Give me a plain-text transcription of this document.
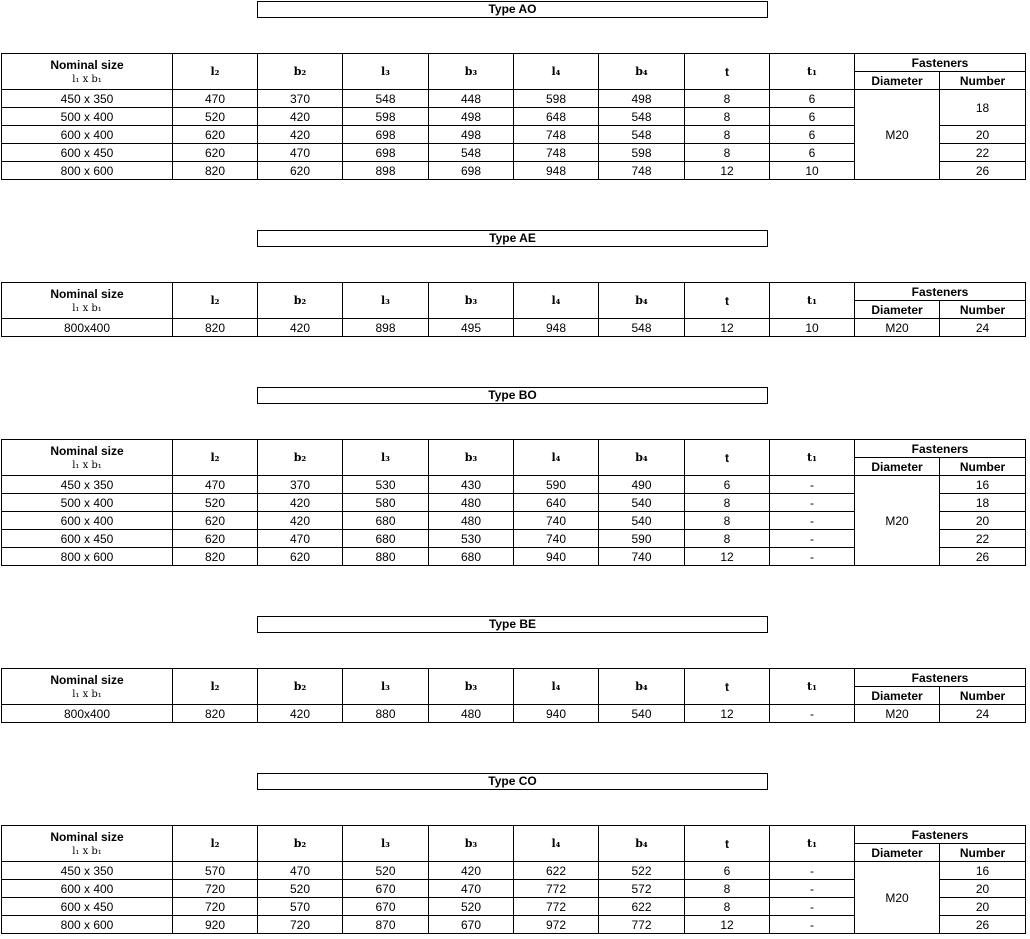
Type AO
Nominal size
l₁ x b₁	l₂	b₂	l₃	b₃	l₄	b₄	t	t₁	Fasteners	
									Diameter	Number
450 x 350	470	370	548	448	598	498	8	6	M20	18
500 x 400	520	420	598	498	648	548	8	6		
600 x 400	620	420	698	498	748	548	8	6		20
600 x 450	620	470	698	548	748	598	8	6		22
800 x 600	820	620	898	698	948	748	12	10		26
Type AE
Nominal size
l₁ x b₁	l₂	b₂	l₃	b₃	l₄	b₄	t	t₁	Fasteners	
									Diameter	Number
800x400	820	420	898	495	948	548	12	10	M20	24
Type BO
Nominal size
l₁ x b₁	l₂	b₂	l₃	b₃	l₄	b₄	t	t₁	Fasteners	
									Diameter	Number
450 x 350	470	370	530	430	590	490	6	-	M20	16
500 x 400	520	420	580	480	640	540	8	-		18
600 x 400	620	420	680	480	740	540	8	-		20
600 x 450	620	470	680	530	740	590	8	-		22
800 x 600	820	620	880	680	940	740	12	-		26
Type BE
Nominal size
l₁ x b₁	l₂	b₂	l₃	b₃	l₄	b₄	t	t₁	Fasteners	
									Diameter	Number
800x400	820	420	880	480	940	540	12	-	M20	24
Type CO
Nominal size
l₁ x b₁	l₂	b₂	l₃	b₃	l₄	b₄	t	t₁	Fasteners	
									Diameter	Number
450 x 350	570	470	520	420	622	522	6	-	M20	16
600 x 400	720	520	670	470	772	572	8	-		20
600 x 450	720	570	670	520	772	622	8	-		20
800 x 600	920	720	870	670	972	772	12	-		26
